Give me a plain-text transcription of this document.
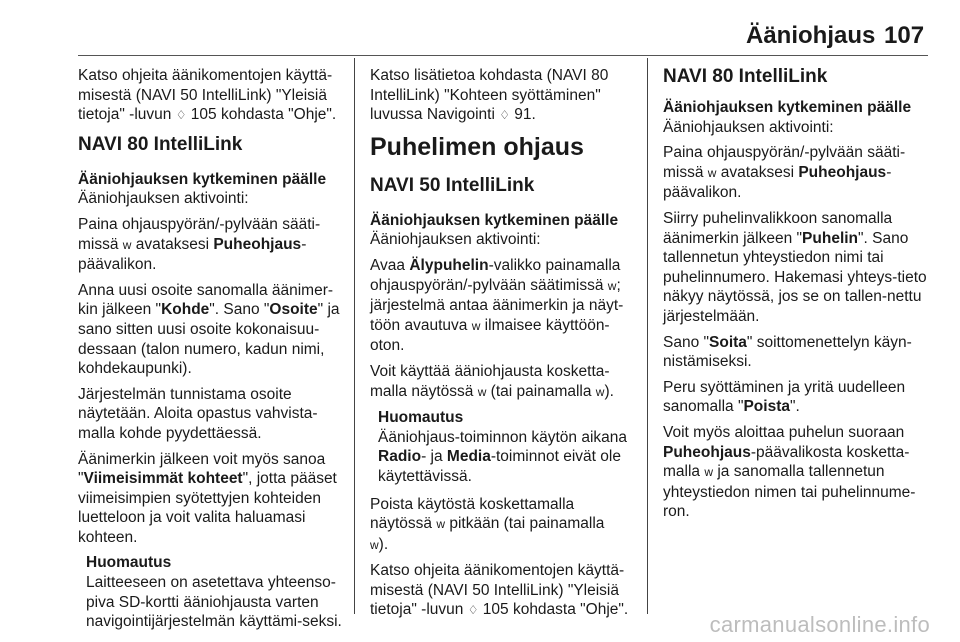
Ääniohjaus 107

Katso ohjeita äänikomentojen käyttä-misestä (NAVI 50 IntelliLink) "Yleisiä tietoja" -luvun ♢ 105 kohdasta "Ohje".

NAVI 80 IntelliLink
Ääniohjauksen kytkeminen päälle

Ääniohjauksen aktivointi:

Paina ohjauspyörän/-pylvään sääti-missä ᴡ avataksesi Puheohjaus-päävalikon.

Anna uusi osoite sanomalla äänimer-kin jälkeen "Kohde". Sano "Osoite" ja sano sitten uusi osoite kokonaisuu-dessaan (talon numero, kadun nimi, kohdekaupunki).

Järjestelmän tunnistama osoite näytetään. Aloita opastus vahvista-malla kohde pyydettäessä.

Äänimerkin jälkeen voit myös sanoa "Viimeisimmät kohteet", jotta pääset viimeisimpien syötettyjen kohteiden luetteloon ja voit valita haluamasi kohteen.

Huomautus
Laitteeseen on asetettava yhteenso-piva SD-kortti ääniohjausta varten navigointijärjestelmän käyttämi-seksi.

Katso lisätietoa kohdasta (NAVI 80 IntelliLink) "Kohteen syöttäminen" luvussa Navigointi ♢ 91.

Puhelimen ohjaus
NAVI 50 IntelliLink
Ääniohjauksen kytkeminen päälle

Ääniohjauksen aktivointi:

Avaa Älypuhelin-valikko painamalla ohjauspyörän/-pylvään säätimissä ᴡ; järjestelmä antaa äänimerkin ja näyt-töön avautuva ᴡ ilmaisee käyttöön-oton.

Voit käyttää ääniohjausta kosketta-malla näytössä ᴡ (tai painamalla ᴡ).

Huomautus
Ääniohjaus-toiminnon käytön aikana Radio- ja Media-toiminnot eivät ole käytettävissä.

Poista käytöstä koskettamalla näytössä ᴡ pitkään (tai painamalla
ᴡ).

Katso ohjeita äänikomentojen käyttä-misestä (NAVI 50 IntelliLink) "Yleisiä tietoja" -luvun ♢ 105 kohdasta "Ohje".

NAVI 80 IntelliLink
Ääniohjauksen kytkeminen päälle

Ääniohjauksen aktivointi:

Paina ohjauspyörän/-pylvään sääti-missä ᴡ avataksesi Puheohjaus-päävalikon.

Siirry puhelinvalikkoon sanomalla äänimerkin jälkeen "Puhelin". Sano tallennetun yhteystiedon nimi tai puhelinnumero. Hakemasi yhteys-tieto näkyy näytössä, jos se on tallen-nettu järjestelmään.

Sano "Soita" soittomenettelyn käyn-nistämiseksi.

Peru syöttäminen ja yritä uudelleen sanomalla "Poista".

Voit myös aloittaa puhelun suoraan Puheohjaus-päävalikosta kosketta-malla ᴡ ja sanomalla tallennetun yhteystiedon nimen tai puhelinnume-ron.

carmanualsonline.info
